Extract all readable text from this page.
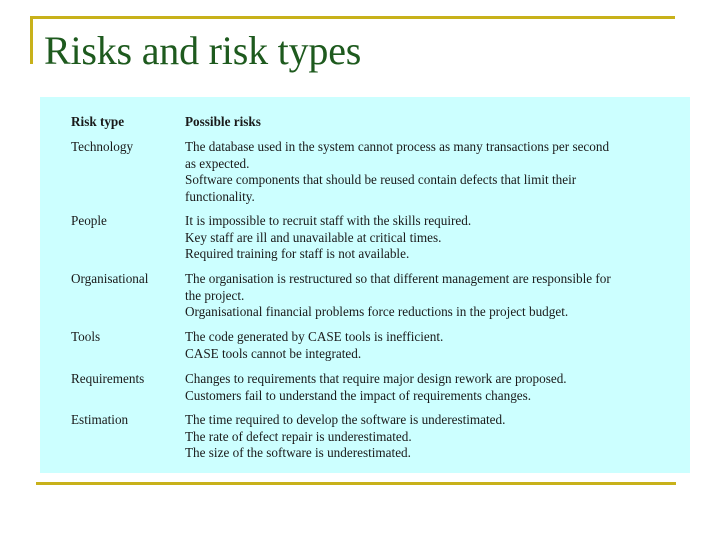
Risks and risk types

Risk type	Possible risks

Technology	The database used in the system cannot process as many transactions per second

as expected.

Software components that should be reused contain defects that limit their

functionality.

People	It is impossible to recruit staff with the skills required.

Key staff are ill and unavailable at critical times.

Required training for staff is not available.

Organisational	The organisation is restructured so that different management are responsible for

the project.

Organisational financial problems force reductions in the project budget.

Tools	The code generated by CASE tools is inefficient.

CASE tools cannot be integrated.

Requirements	Changes to requirements that require major design rework are proposed.

Customers fail to understand the impact of requirements changes.

Estimation	The time required to develop the software is underestimated.

The rate of defect repair is underestimated.

The size of the software is underestimated.
